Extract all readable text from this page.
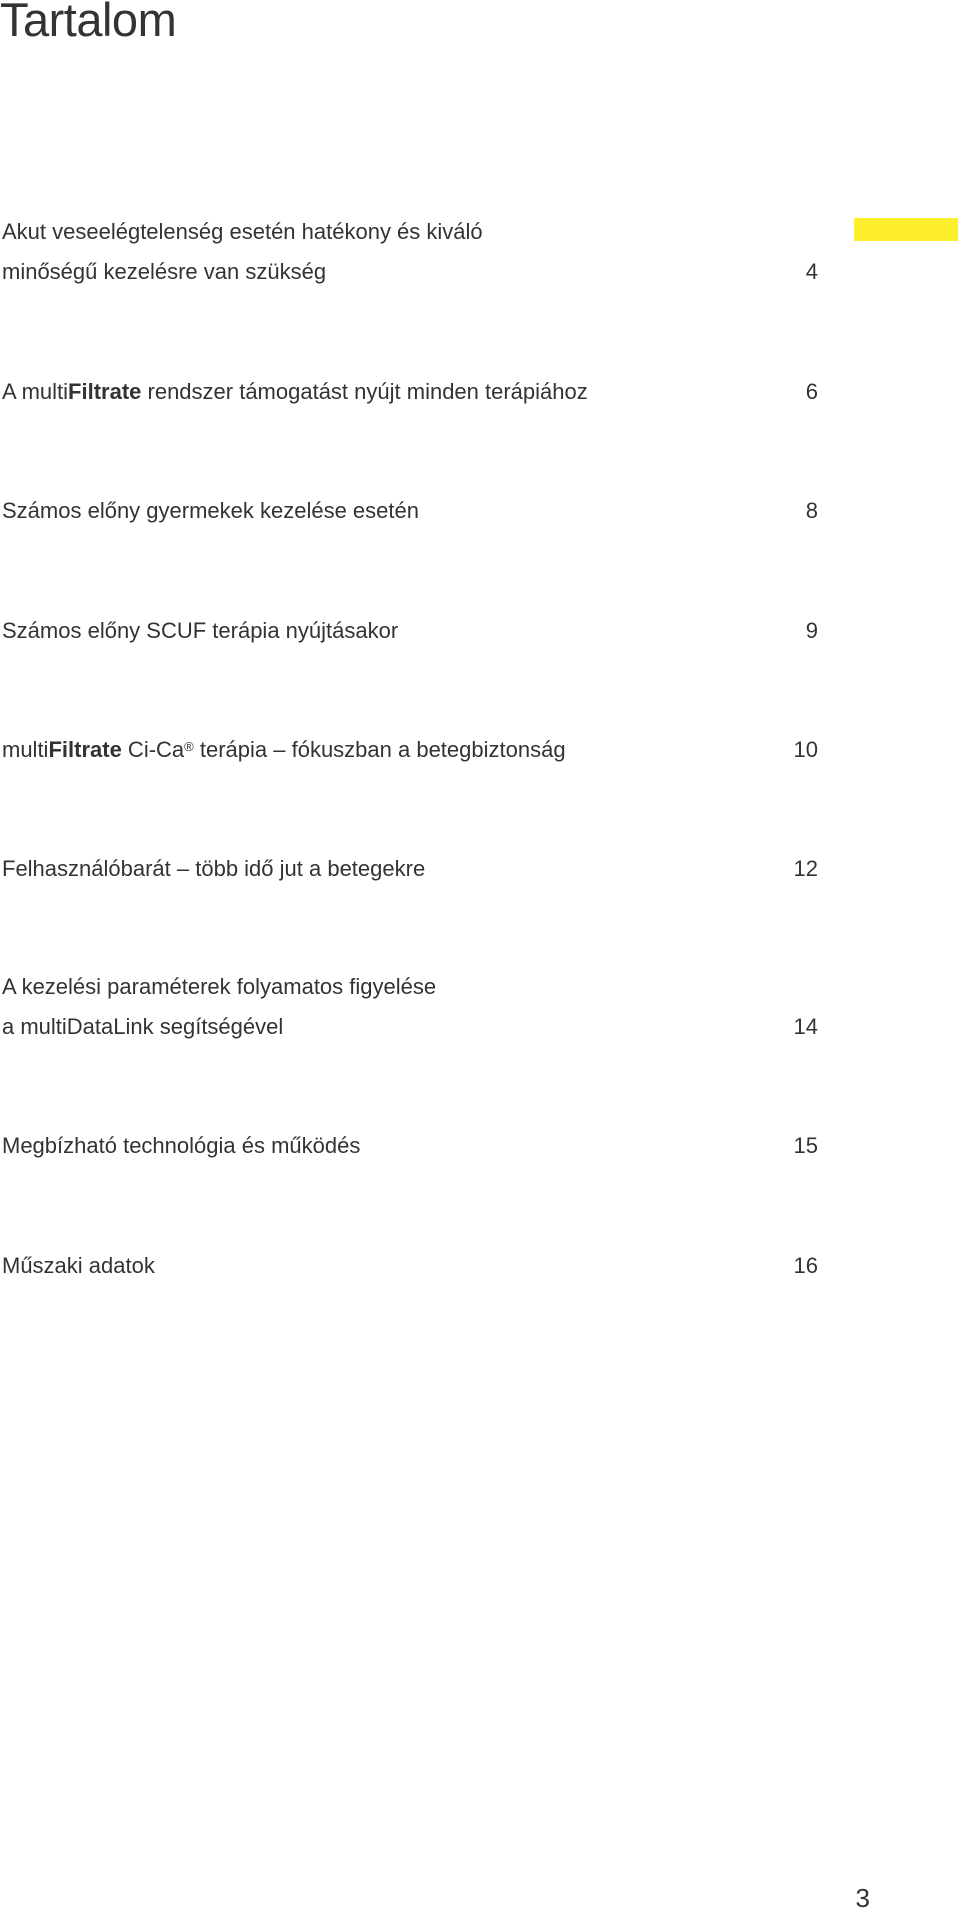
Tartalom
Akut veseelégtelenség esetén hatékony és kiváló
minőségű kezelésre van szükség	4
A multiFiltrate rendszer támogatást nyújt minden terápiához	6
Számos előny gyermekek kezelése esetén	8
Számos előny SCUF terápia nyújtásakor	9
multiFiltrate Ci-Ca® terápia – fókuszban a betegbiztonság	10
Felhasználóbarát – több idő jut a betegekre	12
A kezelési paraméterek folyamatos figyelése
a multiDataLink segítségével	14
Megbízható technológia és működés	15
Műszaki adatok	16
3
